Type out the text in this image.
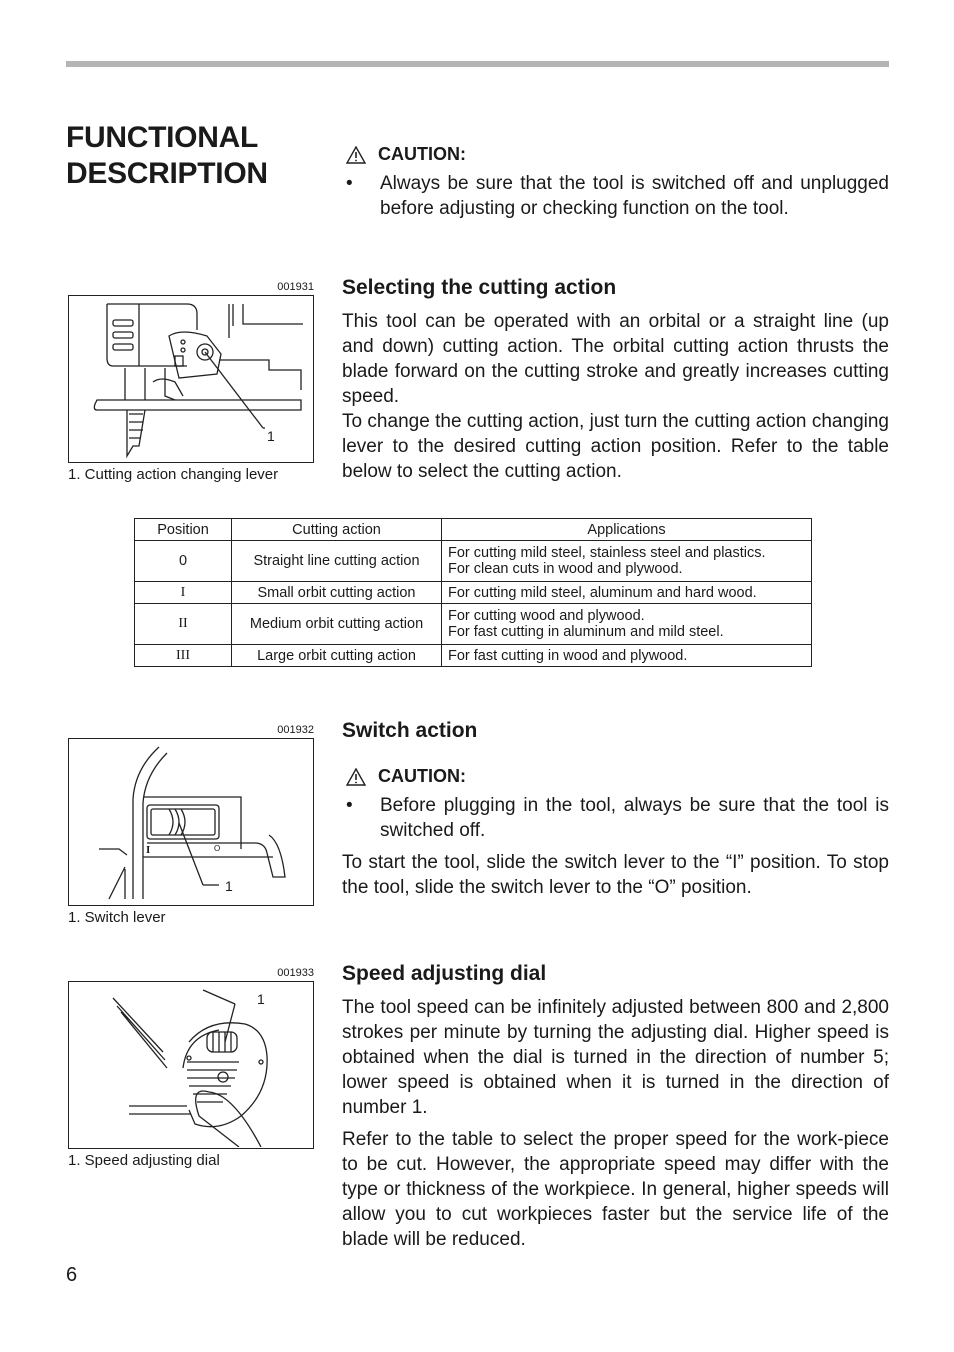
FUNCTIONAL DESCRIPTION
CAUTION:
•	Always be sure that the tool is switched off and unplugged before adjusting or checking function on the tool.
001931
1
1. Cutting action changing lever
Selecting the cutting action

This tool can be operated with an orbital or a straight line (up and down) cutting action. The orbital cutting action thrusts the blade forward on the cutting stroke and greatly increases cutting speed.

To change the cutting action, just turn the cutting action changing lever to the desired cutting action position. Refer to the table below to select the cutting action.

Position	Cutting action	Applications
0	Straight line cutting action	For cutting mild steel, stainless steel and plastics.
For clean cuts in wood and plywood.

I	Small orbit cutting action	For cutting mild steel, aluminum and hard wood.

II	Medium orbit cutting action	For cutting wood and plywood.
For fast cutting in aluminum and mild steel.

III	Large orbit cutting action	For fast cutting in wood and plywood.
001932
I	O
1
1. Switch lever
Switch action
CAUTION:
•	Before plugging in the tool, always be sure that the tool is switched off.

To start the tool, slide the switch lever to the “I” position. To stop the tool, slide the switch lever to the “O” position.

001933
1
1. Speed adjusting dial
Speed adjusting dial

The tool speed can be infinitely adjusted between 800 and 2,800 strokes per minute by turning the adjusting dial. Higher speed is obtained when the dial is turned in the direction of number 5; lower speed is obtained when it is turned in the direction of number 1.

Refer to the table to select the proper speed for the work-piece to be cut. However, the appropriate speed may differ with the type or thickness of the workpiece. In general, higher speeds will allow you to cut workpieces faster but the service life of the blade will be reduced.

6
